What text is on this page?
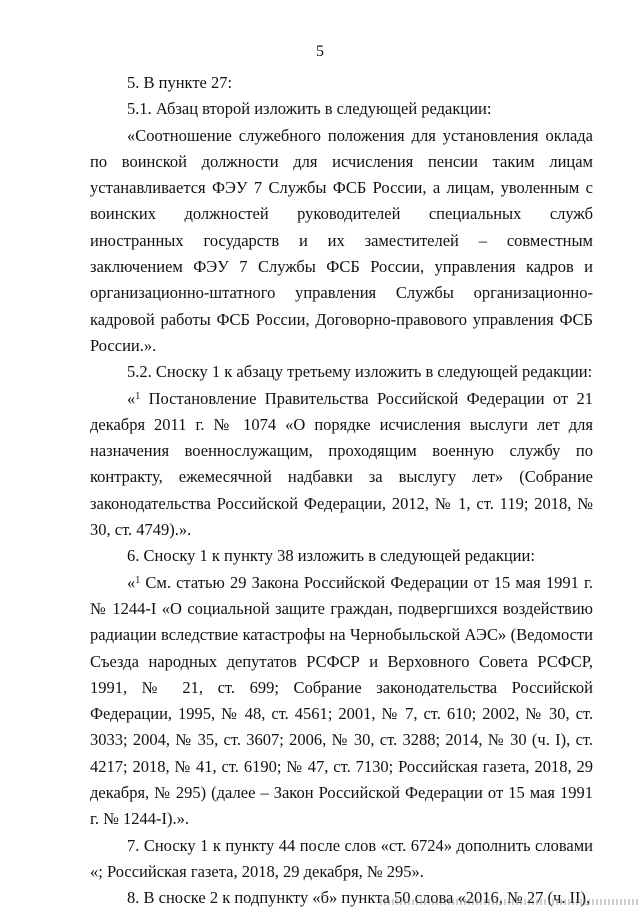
5

5. В пункте 27:

5.1. Абзац второй изложить в следующей редакции:

«Соотношение служебного положения для установления оклада по воинской должности для исчисления пенсии таким лицам устанавливается ФЭУ 7 Службы ФСБ России, а лицам, уволенным с воинских должностей руководителей специальных служб иностранных государств и их заместителей – совместным заключением ФЭУ 7 Службы ФСБ России, управления кадров и организационно-штатного управления Службы организационно-кадровой работы ФСБ России, Договорно-правового управления ФСБ России.».

5.2. Сноску 1 к абзацу третьему изложить в следующей редакции:

«$^1$ Постановление Правительства Российской Федерации от 21 декабря 2011 г. № 1074 «О порядке исчисления выслуги лет для назначения военнослужащим, проходящим военную службу по контракту, ежемесячной надбавки за выслугу лет» (Собрание законодательства Российской Федерации, 2012, № 1, ст. 119; 2018, № 30, ст. 4749).».

6. Сноску 1 к пункту 38 изложить в следующей редакции:

«$^1$ См. статью 29 Закона Российской Федерации от 15 мая 1991 г. № 1244-I «О социальной защите граждан, подвергшихся воздействию радиации вследствие катастрофы на Чернобыльской АЭС» (Ведомости Съезда народных депутатов РСФСР и Верховного Совета РСФСР, 1991, № 21, ст. 699; Собрание законодательства Российской Федерации, 1995, № 48, ст. 4561; 2001, № 7, ст. 610; 2002, № 30, ст. 3033; 2004, № 35, ст. 3607; 2006, № 30, ст. 3288; 2014, № 30 (ч. I), ст. 4217; 2018, № 41, ст. 6190; № 47, ст. 7130; Российская газета, 2018, 29 декабря, № 295) (далее – Закон Российской Федерации от 15 мая 1991 г. № 1244-I).».

7. Сноску 1 к пункту 44 после слов «ст. 6724» дополнить словами «; Российская газета, 2018, 29 декабря, № 295».

8. В сноске 2 к подпункту «б» пункта 50 слова «2016, № 27 (ч. II),
